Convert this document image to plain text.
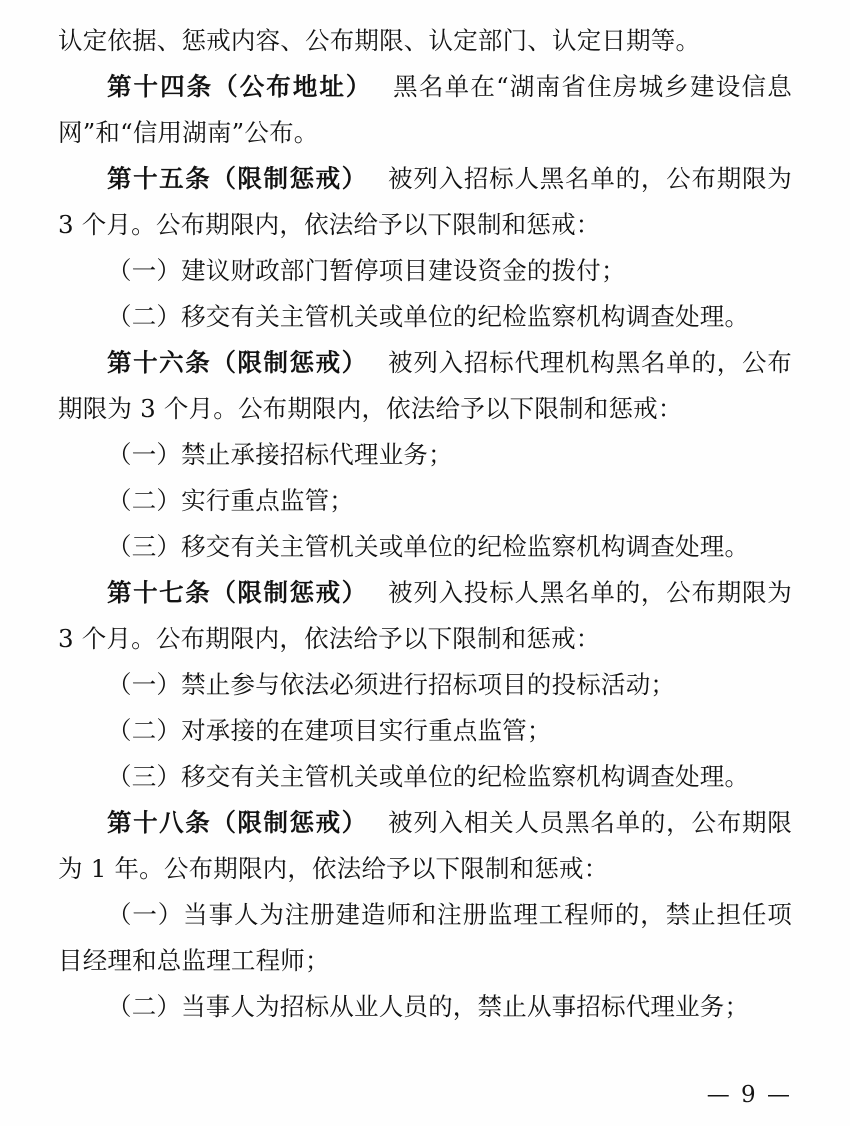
认定依据、惩戒内容、公布期限、认定部门、认定日期等。

第十四条（公布地址） 黑名单在“湖南省住房城乡建设信息网”和“信用湖南”公布。

第十五条（限制惩戒） 被列入招标人黑名单的，公布期限为 3 个月。公布期限内，依法给予以下限制和惩戒：

（一）建议财政部门暂停项目建设资金的拨付；

（二）移交有关主管机关或单位的纪检监察机构调查处理。

第十六条（限制惩戒） 被列入招标代理机构黑名单的，公布期限为 3 个月。公布期限内，依法给予以下限制和惩戒：

（一）禁止承接招标代理业务；

（二）实行重点监管；

（三）移交有关主管机关或单位的纪检监察机构调查处理。

第十七条（限制惩戒） 被列入投标人黑名单的，公布期限为 3 个月。公布期限内，依法给予以下限制和惩戒：

（一）禁止参与依法必须进行招标项目的投标活动；

（二）对承接的在建项目实行重点监管；

（三）移交有关主管机关或单位的纪检监察机构调查处理。

第十八条（限制惩戒） 被列入相关人员黑名单的，公布期限为 1 年。公布期限内，依法给予以下限制和惩戒：

（一）当事人为注册建造师和注册监理工程师的，禁止担任项目经理和总监理工程师；

（二）当事人为招标从业人员的，禁止从事招标代理业务；

— 9 —
